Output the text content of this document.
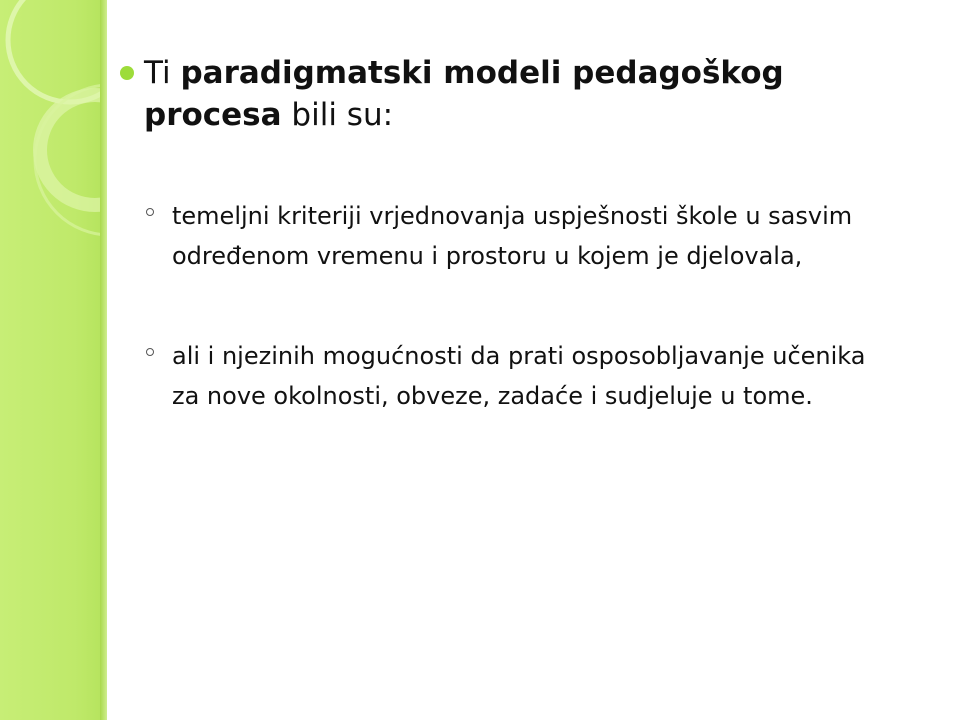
Ti paradigmatski modeli pedagoškog procesa bili su:
temeljni kriteriji vrjednovanja uspješnosti škole u sasvim određenom vremenu i prostoru u kojem je djelovala,
ali i njezinih mogućnosti da prati osposobljavanje učenika za nove okolnosti, obveze, zadaće i sudjeluje u tome.
